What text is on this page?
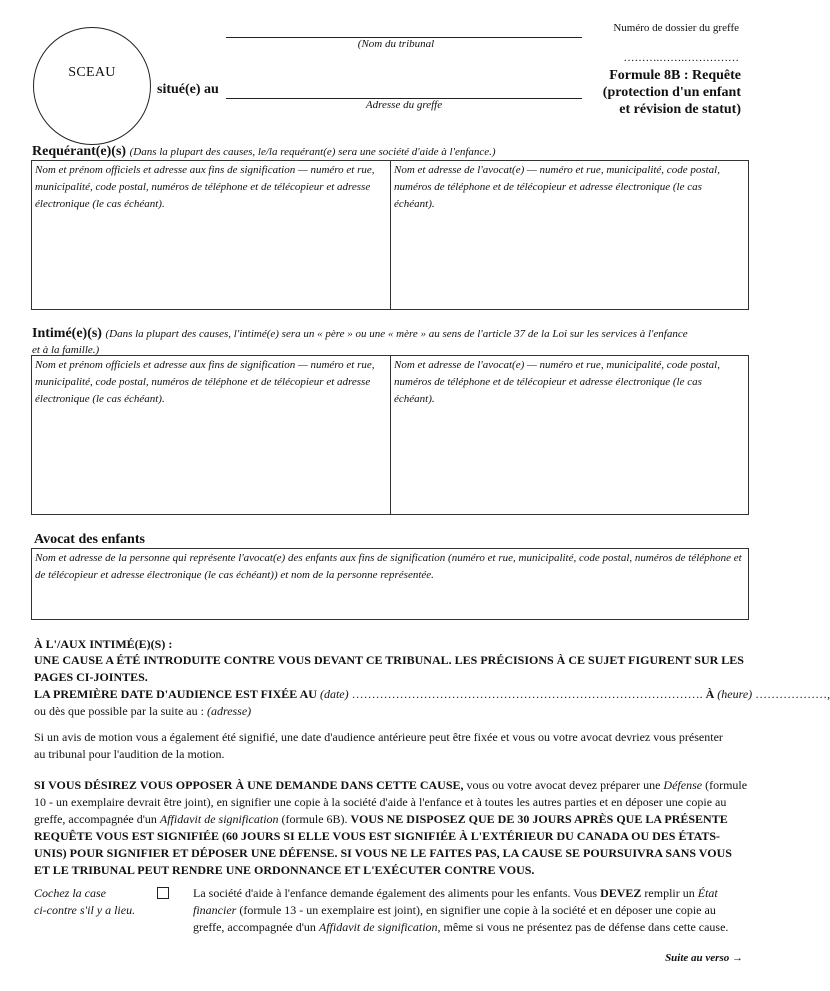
SCEAU
(Nom du tribunal
situé(e) au
Adresse du greffe
Numéro de dossier du greffe
……….…….……………
Formule 8B : Requête
(protection d'un enfant
et révision de statut)
Requérant(e)(s) (Dans la plupart des causes, le/la requérant(e) sera une société d'aide à l'enfance.)
Nom et prénom officiels et adresse aux fins de signification — numéro et rue, municipalité, code postal, numéros de téléphone et de télécopieur et adresse électronique (le cas échéant).
Nom et adresse de l'avocat(e) — numéro et rue, municipalité, code postal, numéros de téléphone et de télécopieur et adresse électronique (le cas échéant).
Intimé(e)(s) (Dans la plupart des causes, l'intimé(e) sera un « père » ou une « mère » au sens de l'article 37 de la Loi sur les services à l'enfance
et à la famille.)
Nom et prénom officiels et adresse aux fins de signification — numéro et rue, municipalité, code postal, numéros de téléphone et de télécopieur et adresse électronique (le cas échéant).
Nom et adresse de l'avocat(e) — numéro et rue, municipalité, code postal, numéros de téléphone et de télécopieur et adresse électronique (le cas échéant).
Avocat des enfants
Nom et adresse de la personne qui représente l'avocat(e) des enfants aux fins de signification (numéro et rue, municipalité, code postal, numéros de téléphone et de télécopieur et adresse électronique (le cas échéant)) et nom de la personne représentée.
À L'/AUX INTIMÉ(E)(S) :
UNE CAUSE A ÉTÉ INTRODUITE CONTRE VOUS DEVANT CE TRIBUNAL. LES PRÉCISIONS À CE SUJET FIGURENT SUR LES PAGES CI-JOINTES.
LA PREMIÈRE DATE D'AUDIENCE EST FIXÉE AU (date) ……………………………………………………………………………. À (heure) ………………,
ou dès que possible par la suite au : (adresse)
Si un avis de motion vous a également été signifié, une date d'audience antérieure peut être fixée et vous ou votre avocat devriez vous présenter au tribunal pour l'audition de la motion.
SI VOUS DÉSIREZ VOUS OPPOSER À UNE DEMANDE DANS CETTE CAUSE, vous ou votre avocat devez préparer une Défense (formule 10 - un exemplaire devrait être joint), en signifier une copie à la société d'aide à l'enfance et à toutes les autres parties et en déposer une copie au greffe, accompagnée d'un Affidavit de signification (formule 6B). VOUS NE DISPOSEZ QUE DE 30 JOURS APRÈS QUE LA PRÉSENTE REQUÊTE VOUS EST SIGNIFIÉE (60 JOURS SI ELLE VOUS EST SIGNIFIÉE À L'EXTÉRIEUR DU CANADA OU DES ÉTATS-UNIS) POUR SIGNIFIER ET DÉPOSER UNE DÉFENSE. SI VOUS NE LE FAITES PAS, LA CAUSE SE POURSUIVRA SANS VOUS ET LE TRIBUNAL PEUT RENDRE UNE ORDONNANCE ET L'EXÉCUTER CONTRE VOUS.
Cochez la case
ci-contre s'il y a lieu.
La société d'aide à l'enfance demande également des aliments pour les enfants. Vous DEVEZ remplir un État financier (formule 13 - un exemplaire est joint), en signifier une copie à la société et en déposer une copie au greffe, accompagnée d'un Affidavit de signification, même si vous ne présentez pas de défense dans cette cause.
Suite au verso →
